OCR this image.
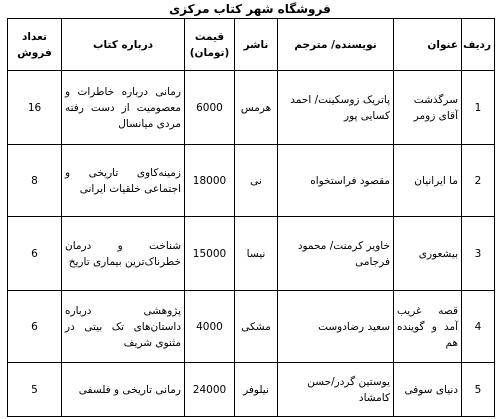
فروشگاه شهر کتاب مرکزی
ردیف	عنوان	نویسنده/ مترجم	ناشر	قیمت (تومان)	درباره کتاب	تعداد فروش
1	سرگذشت آقای زومر	پاتریک زوسکینت/ احمد کسایی پور	هرمس	6000	رمانی درباره خاطرات و معصومیت از دست رفته مردی میانسال	16
2	ما ایرانیان	مقصود فراستخواه	نی	18000	زمینه‌کاوی تاریخی و اجتماعی خلقیات ایرانی	8
3	بیشعوری	خاویر کرمنت/ محمود فرجامی	نیسا	15000	شناخت و درمان خطرناک‌ترین بیماری تاریخ	6
4	قصه غریب آمد و گوینده هم	سعید رضادوست	مشکی	4000	پژوهشی درباره داستان‌های تک بیتی در مثنوی شریف	6
5	دنیای سوفی	یوستین گردر/حسن کامشاد	نیلوفر	24000	رمانی تاریخی و فلسفی	5
